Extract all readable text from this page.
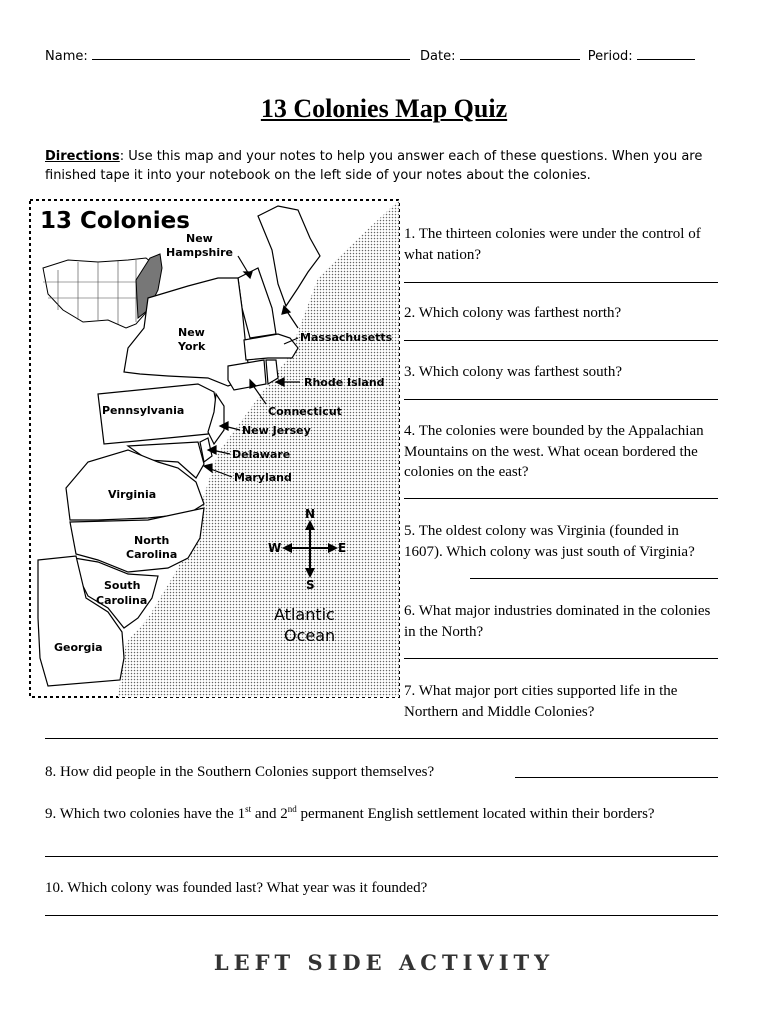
Name:	Date:	Period:
13 Colonies Map Quiz
Directions: Use this map and your notes to help you answer each of these questions. When you are finished tape it into your notebook on the left side of your notes about the colonies.
13 Colonies
New
Hampshire
New
York
Massachusetts
Rhode Island
Connecticut
Pennsylvania
New Jersey
Delaware
Maryland
Virginia
North
Carolina
South
Carolina
Georgia
N
S
W	E
Atlantic
Ocean
1. The thirteen colonies were under the control of what nation?
2. Which colony was farthest north?
3. Which colony was farthest south?
4. The colonies were bounded by the Appalachian Mountains on the west. What ocean bordered the colonies on the east?
5. The oldest colony was Virginia (founded in 1607). Which colony was just south of Virginia?
6. What major industries dominated in the colonies in the North?
7. What major port cities supported life in the Northern and Middle Colonies?
8. How did people in the Southern Colonies support themselves?
9. Which two colonies have the 1st and 2nd permanent English settlement located within their borders?
10. Which colony was founded last? What year was it founded?
LEFT SIDE ACTIVITY
